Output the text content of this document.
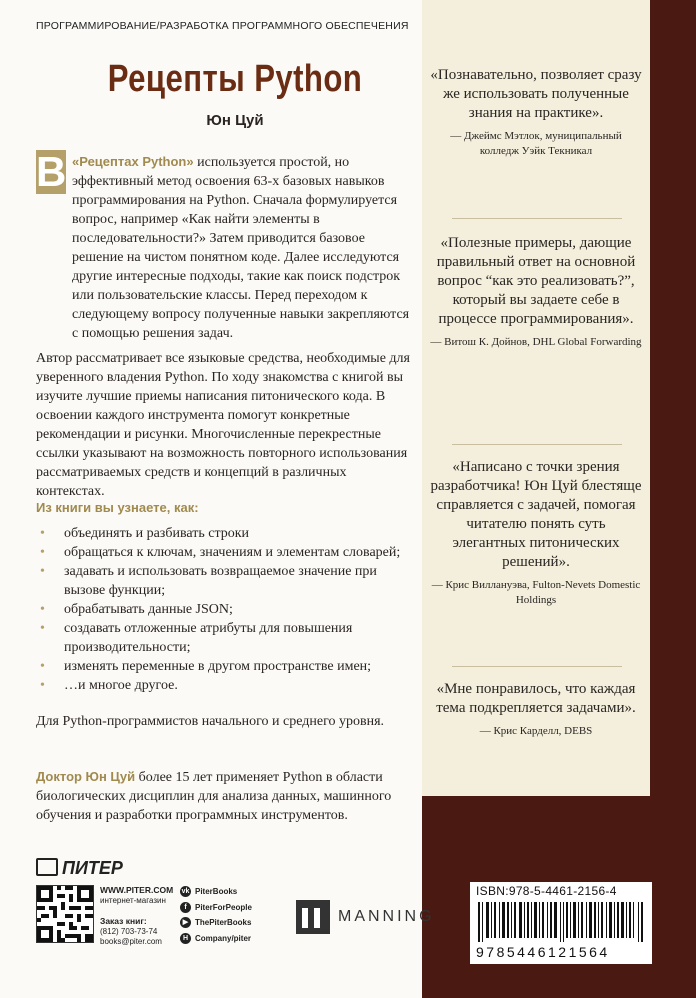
ПРОГРАММИРОВАНИЕ/РАЗРАБОТКА ПРОГРАММНОГО ОБЕСПЕЧЕНИЯ
Рецепты Python
Юн Цуй
В «Рецептах Python» используется простой, но эффективный метод освоения 63-х базовых навыков программирования на Python. Сначала формулируется вопрос, например «Как найти элементы в последовательности?» Затем приводится базовое решение на чистом понятном коде. Далее исследуются другие интересные подходы, такие как поиск подстрок или пользовательские классы. Перед переходом к следующему вопросу полученные навыки закрепляются с помощью решения задач.
Автор рассматривает все языковые средства, необходимые для уверенного владения Python. По ходу знакомства с книгой вы изучите лучшие приемы написания питонического кода. В освоении каждого инструмента помогут конкретные рекомендации и рисунки. Многочисленные перекрестные ссылки указывают на возможность повторного использования рассматриваемых средств и концепций в различных контекстах.
Из книги вы узнаете, как:
• объединять и разбивать строки
• обращаться к ключам, значениям и элементам словарей;
• задавать и использовать возвращаемое значение при вызове функции;
• обрабатывать данные JSON;
• создавать отложенные атрибуты для повышения производительности;
• изменять переменные в другом пространстве имен;
• …и многое другое.
Для Python-программистов начального и среднего уровня.
Доктор Юн Цуй более 15 лет применяет Python в области биологических дисциплин для анализа данных, машинного обучения и разработки программных инструментов.
«Познавательно, позволяет сразу же использовать полученные знания на практике».
— Джеймс Мэтлок, муниципальный колледж Уэйк Текникал
«Полезные примеры, дающие правильный ответ на основной вопрос “как это реализовать?”, который вы задаете себе в процессе программирования».
— Витош К. Дойнов, DHL Global Forwarding
«Написано с точки зрения разработчика! Юн Цуй блестяще справляется с задачей, помогая читателю понять суть элегантных питонических решений».
— Крис Виллануэва, Fulton-Nevets Domestic Holdings
«Мне понравилось, что каждая тема подкрепляется задачами».
— Крис Карделл, DEBS
ПИТЕР
WWW.PITER.COM
интернет-магазин

Заказ книг:
(812) 703-73-74
books@piter.com
vk PiterBooks
f	PiterForPeople
▶ ThePiterBooks
H Company/piter
MANNING
ISBN:978-5-4461-2156-4
9785446121564
